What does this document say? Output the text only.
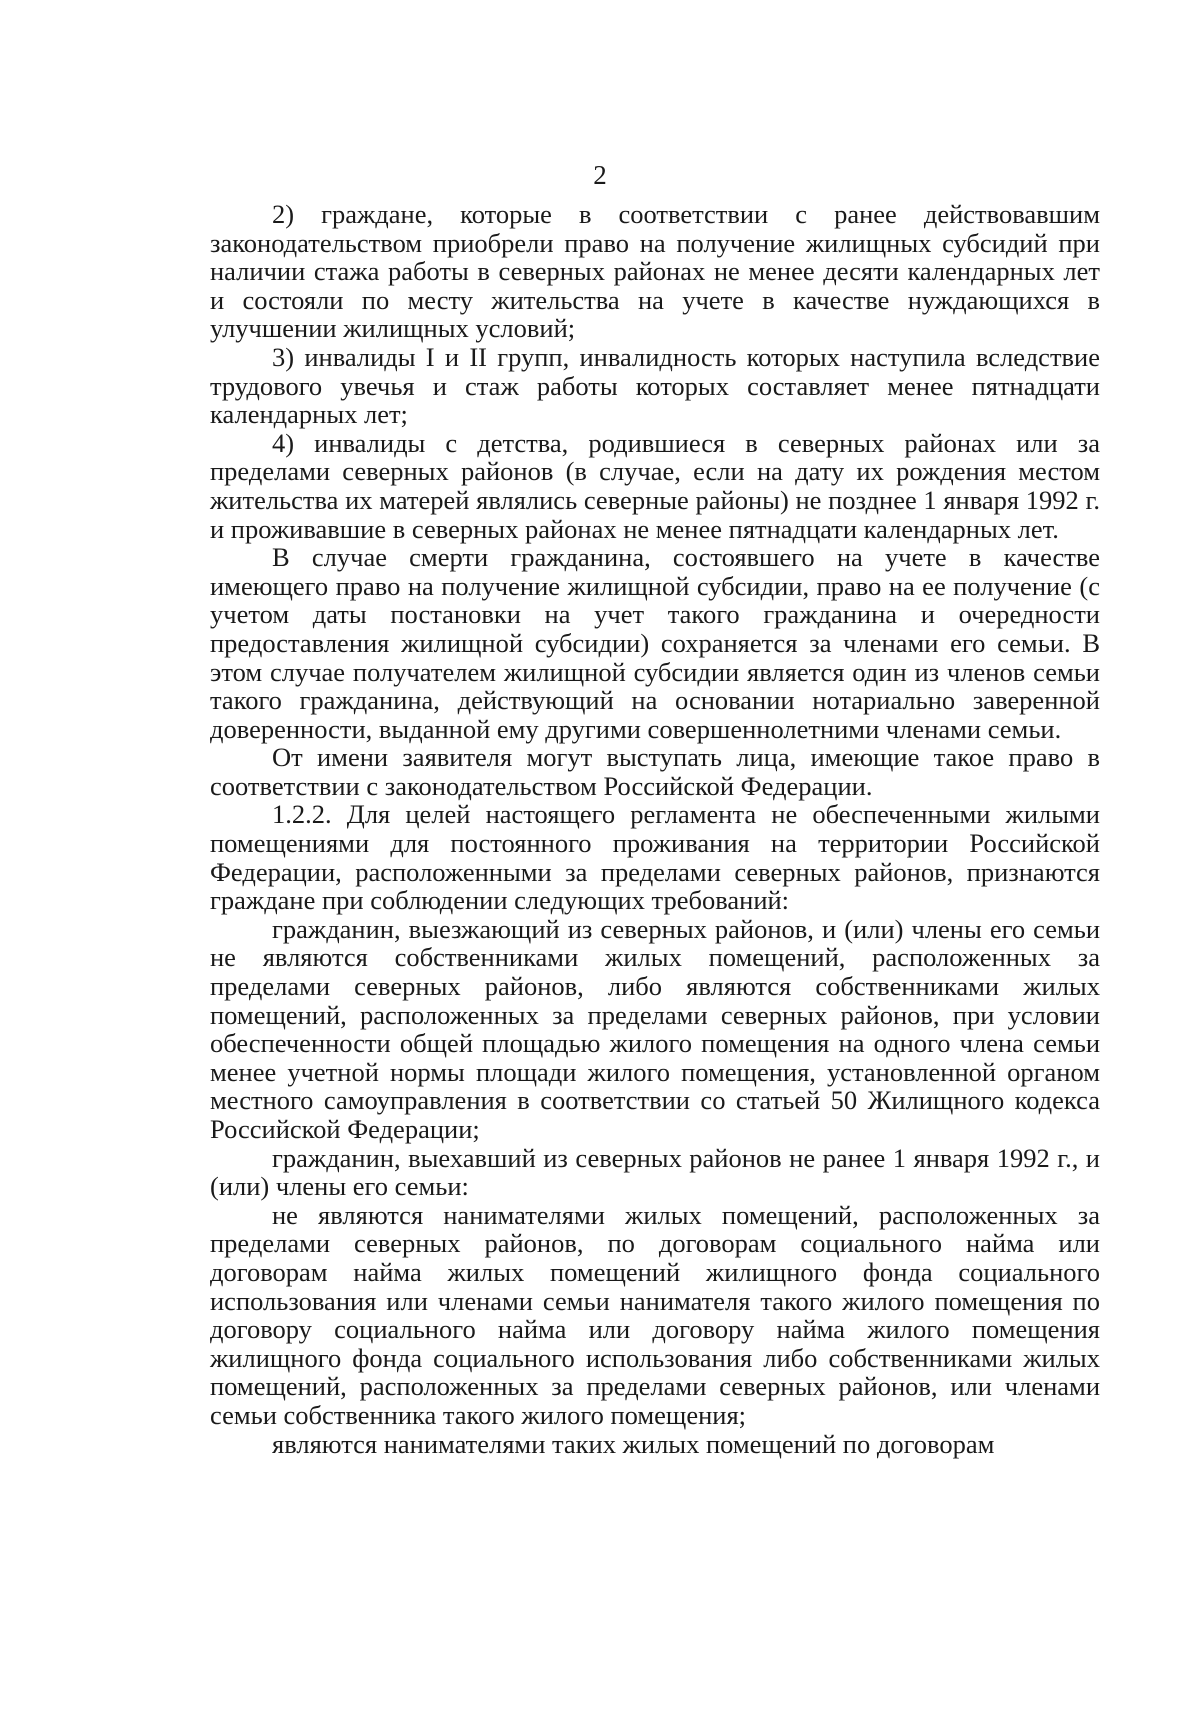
2

2) граждане, которые в соответствии с ранее действовавшим законодательством приобрели право на получение жилищных субсидий при наличии стажа работы в северных районах не менее десяти календарных лет и состояли по месту жительства на учете в качестве нуждающихся в улучшении жилищных условий;

3) инвалиды I и II групп, инвалидность которых наступила вследствие трудового увечья и стаж работы которых составляет менее пятнадцати календарных лет;

4) инвалиды с детства, родившиеся в северных районах или за пределами северных районов (в случае, если на дату их рождения местом жительства их матерей являлись северные районы) не позднее 1 января 1992 г. и проживавшие в северных районах не менее пятнадцати календарных лет.

В случае смерти гражданина, состоявшего на учете в качестве имеющего право на получение жилищной субсидии, право на ее получение (с учетом даты постановки на учет такого гражданина и очередности предоставления жилищной субсидии) сохраняется за членами его семьи. В этом случае получателем жилищной субсидии является один из членов семьи такого гражданина, действующий на основании нотариально заверенной доверенности, выданной ему другими совершеннолетними членами семьи.

От имени заявителя могут выступать лица, имеющие такое право в соответствии с законодательством Российской Федерации.

1.2.2. Для целей настоящего регламента не обеспеченными жилыми помещениями для постоянного проживания на территории Российской Федерации, расположенными за пределами северных районов, признаются граждане при соблюдении следующих требований:

гражданин, выезжающий из северных районов, и (или) члены его семьи не являются собственниками жилых помещений, расположенных за пределами северных районов, либо являются собственниками жилых помещений, расположенных за пределами северных районов, при условии обеспеченности общей площадью жилого помещения на одного члена семьи менее учетной нормы площади жилого помещения, установленной органом местного самоуправления в соответствии со статьей 50 Жилищного кодекса Российской Федерации;

гражданин, выехавший из северных районов не ранее 1 января 1992 г., и (или) члены его семьи:

не являются нанимателями жилых помещений, расположенных за пределами северных районов, по договорам социального найма или договорам найма жилых помещений жилищного фонда социального использования или членами семьи нанимателя такого жилого помещения по договору социального найма или договору найма жилого помещения жилищного фонда социального использования либо собственниками жилых помещений, расположенных за пределами северных районов, или членами семьи собственника такого жилого помещения;

являются нанимателями таких жилых помещений по договорам
